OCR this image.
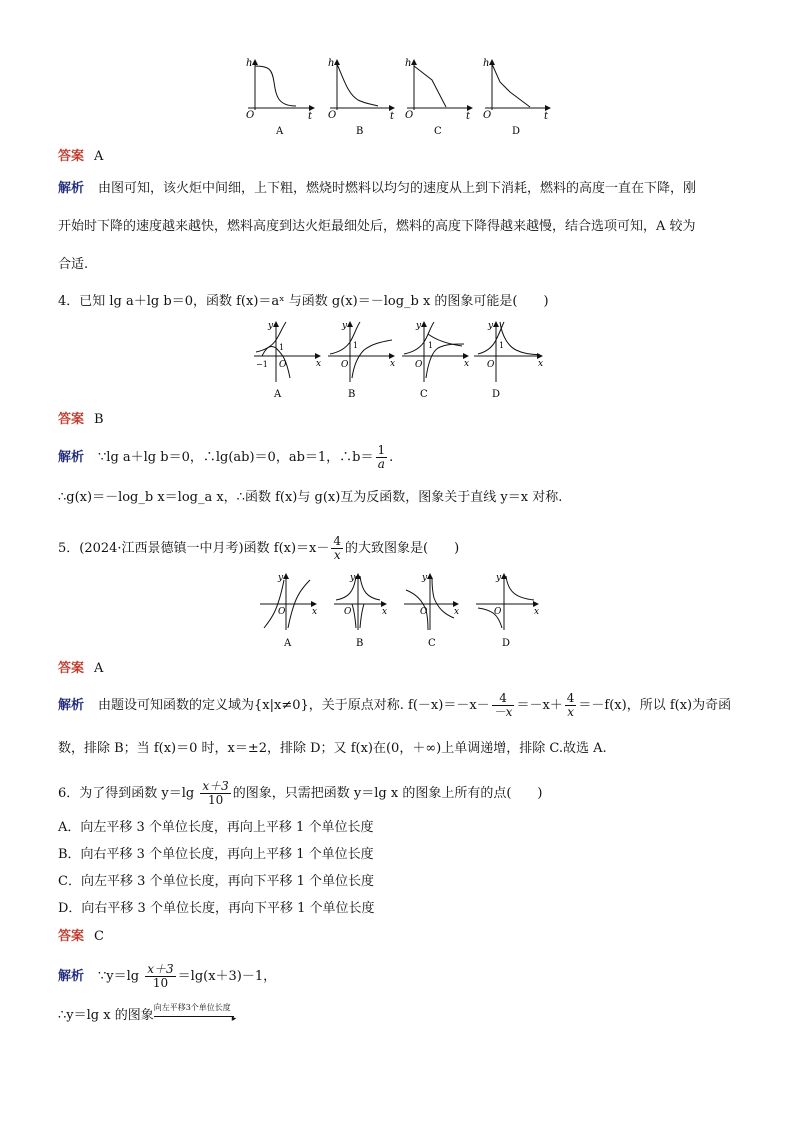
h
O	t
h
O	t
h
O	t
h
O	t
A	B	C	D
答案 A
解析 由图可知，该火炬中间细，上下粗，燃烧时燃料以均匀的速度从上到下消耗，燃料的高度一直在下降，刚
开始时下降的速度越来越快，燃料高度到达火炬最细处后，燃料的高度下降得越来越慢，结合选项可知，A 较为
合适.
4．已知 lg a＋lg b＝0，函数 f(x)＝aˣ 与函数 g(x)＝－log_b x 的图象可能是(　　)
y
x
O
1
−1
y
x
O
1
y
x
O
1
y
x
O
1
A	B	C	D
答案 B
解析 ∵lg a＋lg b＝0，∴lg(ab)＝0，ab＝1，∴b＝ $\frac{1}{a}$ .
∴g(x)＝－log_b x＝log_a x，∴函数 f(x)与 g(x)互为反函数，图象关于直线 y＝x 对称.
5．(2024·江西景德镇一中月考)函数 $f(x)=x- \frac{4}{x}$ 的大致图象是(　　)
y
x
O
y
x
O
y
x
O
y
x
O
A	B	C	D
答案 A
解析 由题设可知函数的定义域为{x|x≠0}，关于原点对称. $f(-x)=-x- \frac{4}{-x} =-x+ \frac{4}{x} =-f(x)$，所以 f(x)为奇函
数，排除 B；当 f(x)＝0 时，x＝±2，排除 D；又 f(x)在(0，＋∞)上单调递增，排除 C.故选 A.
6．为了得到函数 $y=\lg \frac{x+3}{10}$ 的图象，只需把函数 y＝lg x 的图象上所有的点(　　)
A．向左平移 3 个单位长度，再向上平移 1 个单位长度
B．向右平移 3 个单位长度，再向上平移 1 个单位长度
C．向左平移 3 个单位长度，再向下平移 1 个单位长度
D．向右平移 3 个单位长度，再向下平移 1 个单位长度
答案 C
解析 ∵y＝lg $\frac{x+3}{10} =\lg(x+3)-1$，
∴y＝lg x 的图象
向左平移3个单位长度
▸
